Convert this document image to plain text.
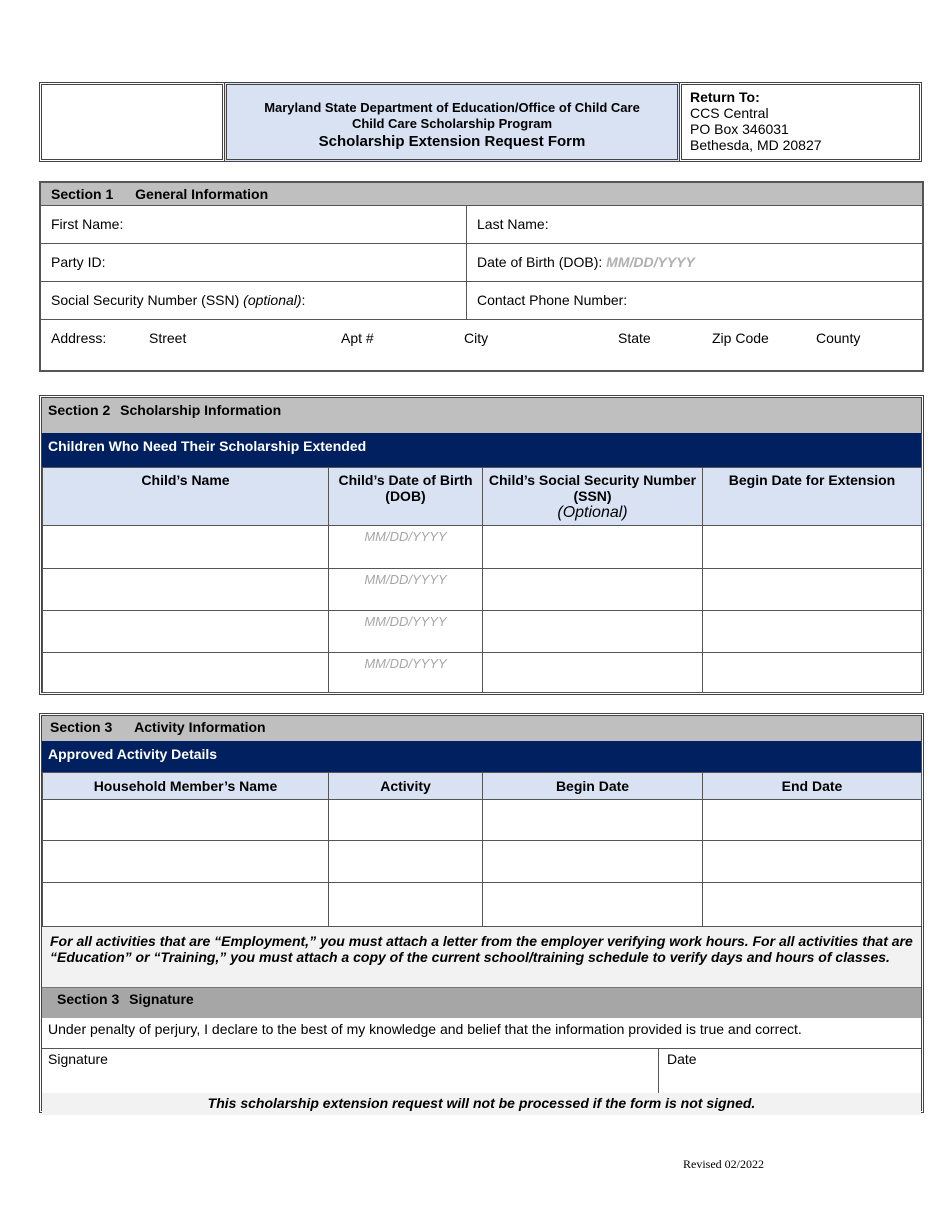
Maryland State Department of Education/Office of Child Care
Child Care Scholarship Program
Scholarship Extension Request Form
Return To:
CCS Central
PO Box 346031
Bethesda, MD 20827
Section 1 General Information
First Name:	Last Name:
Party ID:	Date of Birth (DOB): MM/DD/YYYY
Social Security Number (SSN) (optional):	Contact Phone Number:
Address:	Street	Apt #	City	State	Zip Code	County
Section 2 Scholarship Information
Children Who Need Their Scholarship Extended
Child’s Name	Child’s Date of Birth (DOB)	Child’s Social Security Number (SSN)
(Optional)	Begin Date for Extension
	MM/DD/YYYY		
	MM/DD/YYYY		
	MM/DD/YYYY		
	MM/DD/YYYY		
Section 3 Activity Information
Approved Activity Details
Household Member’s Name	Activity	Begin Date	End Date

For all activities that are “Employment,” you must attach a letter from the employer verifying work hours. For all activities that are “Education” or “Training,” you must attach a copy of the current school/training schedule to verify days and hours of classes.
Section 3 Signature
Under penalty of perjury, I declare to the best of my knowledge and belief that the information provided is true and correct.
Signature	Date
This scholarship extension request will not be processed if the form is not signed.
Revised 02/2022
